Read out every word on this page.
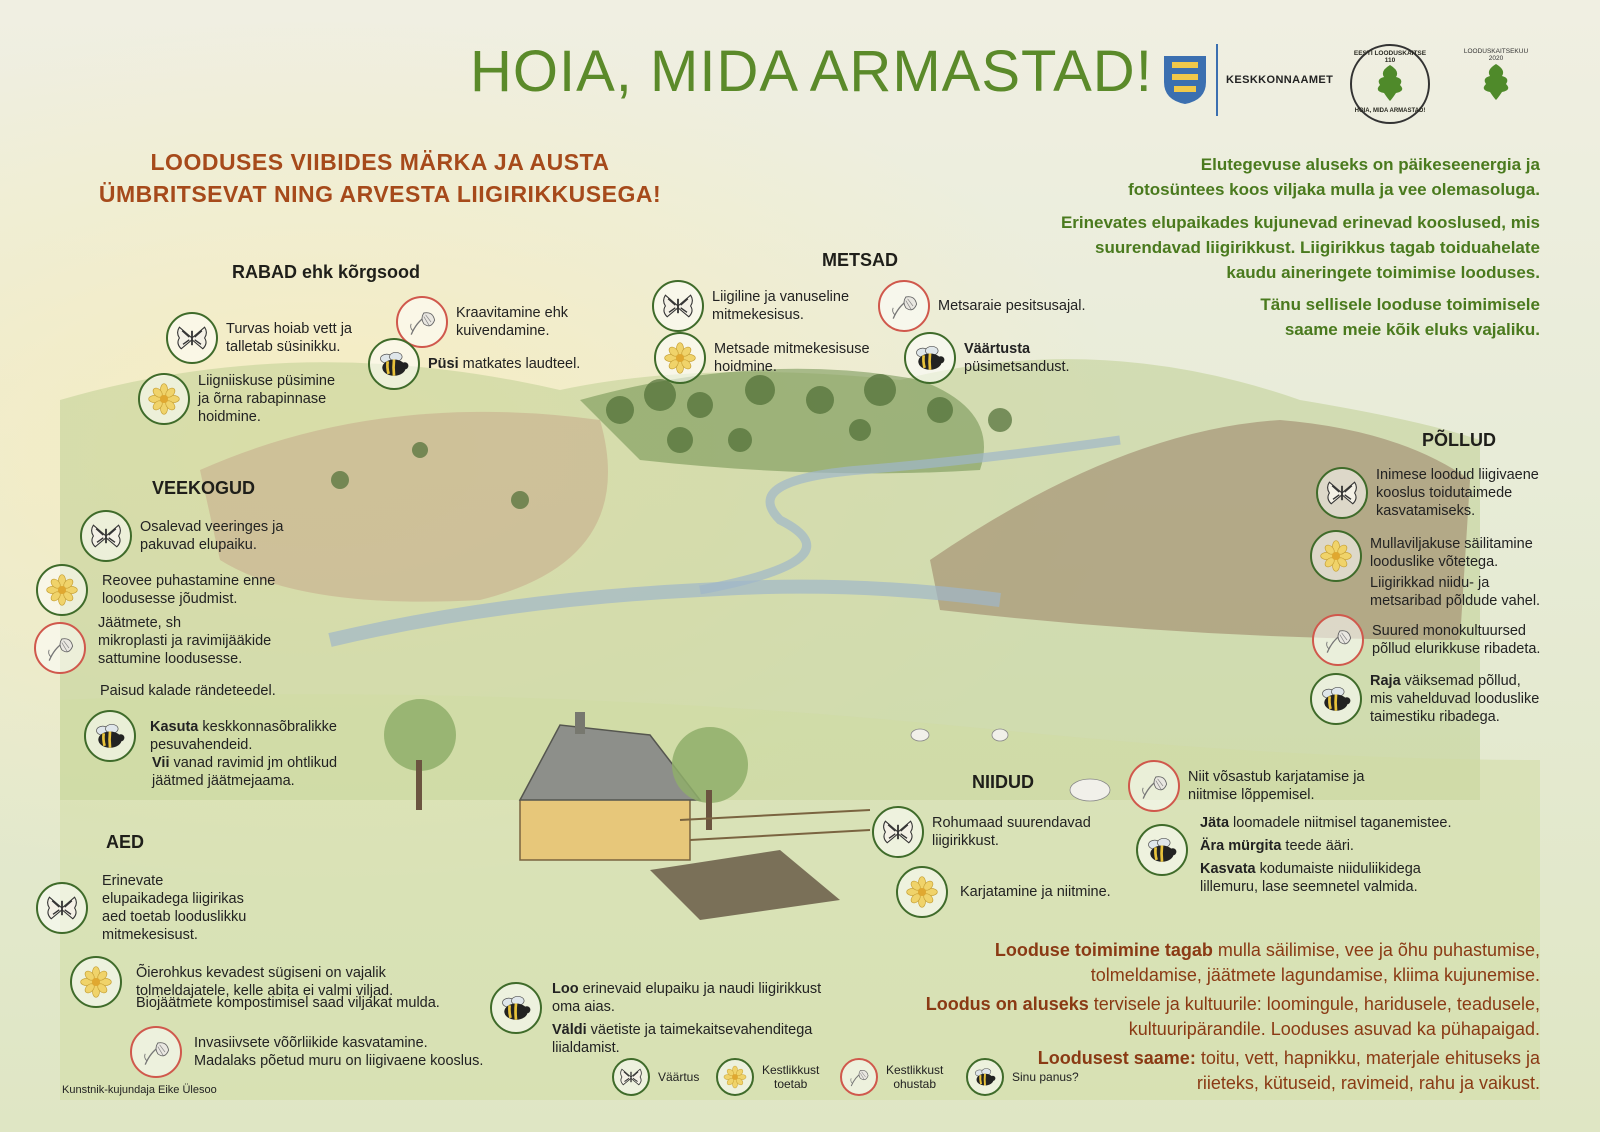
HOIA, MIDA ARMASTAD!	KESKKONNAAMET
EESTI LOODUSKAITSE 110
HOIA, MIDA ARMASTAD!
LOODUSKAITSEKUU 2020
LOODUSES VIIBIDES MÄRKA JA AUSTA
ÜMBRITSEVAT NING ARVESTA LIIGIRIKKUSEGA!
Elutegevuse aluseks on päikeseenergia ja
fotosüntees koos viljaka mulla ja vee olemasoluga.
Erinevates elupaikades kujunevad erinevad kooslused, mis
suurendavad liigirikkust. Liigirikkus tagab toiduahelate
kaudu aineringete toimimise looduses.
Tänu sellisele looduse toimimisele
saame meie kõik eluks vajaliku.
RABAD ehk kõrgsood
METSAD
VEEKOGUD
PÕLLUD
NIIDUD
AED
Turvas hoiab vett ja
talletab süsinikku.
Kraavitamine ehk
kuivendamine.
Püsi matkates laudteel.
Liigniiskuse püsimine
ja õrna rabapinnase
hoidmine.
Liigiline ja vanuseline
mitmekesisus.
Metsaraie pesitsusajal.
Metsade mitmekesisuse
hoidmine.
Väärtusta
püsimetsandust.
Osalevad veeringes ja
pakuvad elupaiku.
Reovee puhastamine enne
loodusesse jõudmist.
Jäätmete, sh
mikroplasti ja ravimijääkide
sattumine loodusesse.
Paisud kalade rändeteedel.
Kasuta keskkonnasõbralikke
pesuvahendeid.
Vii vanad ravimid jm ohtlikud
jäätmed jäätmejaama.
Inimese loodud liigivaene
kooslus toidutaimede
kasvatamiseks.
Mullaviljakuse säilitamine
looduslike võtetega.
Liigirikkad niidu- ja
metsaribad põldude vahel.
Suured monokultuursed
põllud elurikkuse ribadeta.
Raja väiksemad põllud,
mis vahelduvad looduslike
taimestiku ribadega.
Niit võsastub karjatamise ja
niitmise lõppemisel.
Rohumaad suurendavad
liigirikkust.
Karjatamine ja niitmine.
Jäta loomadele niitmisel taganemistee.
Ära mürgita teede ääri.
Kasvata kodumaiste niiduliikidega
lillemuru, lase seemnetel valmida.
Erinevate
elupaikadega liigirikas
aed toetab looduslikku
mitmekesisust.
Õierohkus kevadest sügiseni on vajalik
tolmeldajatele, kelle abita ei valmi viljad.
Biojäätmete kompostimisel saad viljakat mulda.
Invasiivsete võõrliikide kasvatamine.
Madalaks põetud muru on liigivaene kooslus.
Loo erinevaid elupaiku ja naudi liigirikkust
oma aias.
Väldi väetiste ja taimekaitsevahenditega
liialdamist.
Looduse toimimine tagab mulla säilimise, vee ja õhu puhastumise,
tolmeldamise, jäätmete lagundamise, kliima kujunemise.
Loodus on aluseks tervisele ja kultuurile: loomingule, haridusele, teadusele,
kultuuripärandile. Looduses asuvad ka pühapaigad.
Loodusest saame: toitu, vett, hapnikku, materjale ehituseks ja
riieteks, kütuseid, ravimeid, rahu ja vaikust.
Väärtus	Kestlikkust
toetab
Kestlikkust
ohustab	Sinu panus?
Kunstnik-kujundaja Eike Ülesoo
